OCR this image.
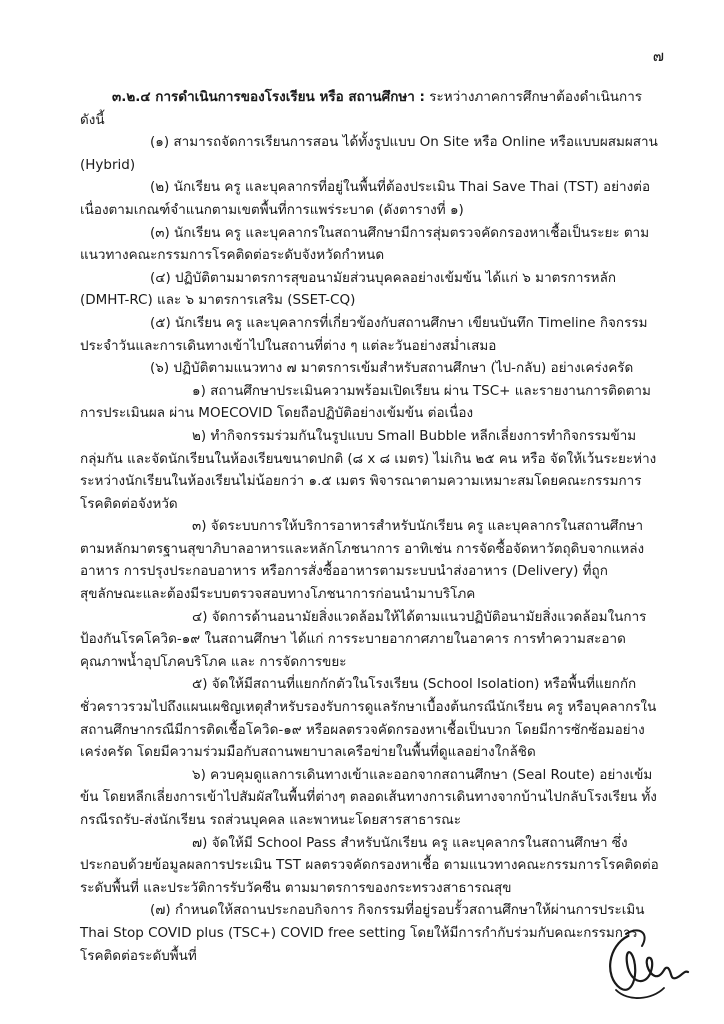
๗

๓.๒.๔ การดำเนินการของโรงเรียน หรือ สถานศึกษา : ระหว่างภาคการศึกษาต้องดำเนินการดังนี้

(๑) สามารถจัดการเรียนการสอน ได้ทั้งรูปแบบ On Site หรือ Online หรือแบบผสมผสาน (Hybrid)

(๒) นักเรียน ครู และบุคลากรที่อยู่ในพื้นที่ต้องประเมิน Thai Save Thai (TST) อย่างต่อเนื่องตามเกณฑ์จำแนกตามเขตพื้นที่การแพร่ระบาด (ดังตารางที่ ๑)

(๓) นักเรียน ครู และบุคลากรในสถานศึกษามีการสุ่มตรวจคัดกรองหาเชื้อเป็นระยะ ตามแนวทางคณะกรรมการโรคติดต่อระดับจังหวัดกำหนด

(๔) ปฏิบัติตามมาตรการสุขอนามัยส่วนบุคคลอย่างเข้มข้น ได้แก่ ๖ มาตรการหลัก (DMHT-RC) และ ๖ มาตรการเสริม (SSET-CQ)

(๕) นักเรียน ครู และบุคลากรที่เกี่ยวข้องกับสถานศึกษา เขียนบันทึก Timeline กิจกรรมประจำวันและการเดินทางเข้าไปในสถานที่ต่าง ๆ แต่ละวันอย่างสม่ำเสมอ

(๖) ปฏิบัติตามแนวทาง ๗ มาตรการเข้มสำหรับสถานศึกษา (ไป-กลับ) อย่างเคร่งครัด

๑) สถานศึกษาประเมินความพร้อมเปิดเรียน ผ่าน TSC+ และรายงานการติดตามการประเมินผล ผ่าน MOECOVID โดยถือปฏิบัติอย่างเข้มข้น ต่อเนื่อง

๒) ทำกิจกรรมร่วมกันในรูปแบบ Small Bubble หลีกเลี่ยงการทำกิจกรรมข้ามกลุ่มกัน และจัดนักเรียนในห้องเรียนขนาดปกติ (๘ x ๘ เมตร) ไม่เกิน ๒๕ คน หรือ จัดให้เว้นระยะห่างระหว่างนักเรียนในห้องเรียนไม่น้อยกว่า ๑.๕ เมตร พิจารณาตามความเหมาะสมโดยคณะกรรมการโรคติดต่อจังหวัด

๓) จัดระบบการให้บริการอาหารสำหรับนักเรียน ครู และบุคลากรในสถานศึกษา ตามหลักมาตรฐานสุขาภิบาลอาหารและหลักโภชนาการ อาทิเช่น การจัดซื้อจัดหาวัตถุดิบจากแหล่งอาหาร การปรุงประกอบอาหาร หรือการสั่งซื้ออาหารตามระบบนำส่งอาหาร (Delivery) ที่ถูกสุขลักษณะและต้องมีระบบตรวจสอบทางโภชนาการก่อนนำมาบริโภค

๔) จัดการด้านอนามัยสิ่งแวดล้อมให้ได้ตามแนวปฏิบัติอนามัยสิ่งแวดล้อมในการป้องกันโรคโควิด-๑๙ ในสถานศึกษา ได้แก่ การระบายอากาศภายในอาคาร การทำความสะอาด คุณภาพน้ำอุปโภคบริโภค และ การจัดการขยะ

๕) จัดให้มีสถานที่แยกกักตัวในโรงเรียน (School Isolation) หรือพื้นที่แยกกักชั่วคราวรวมไปถึงแผนเผชิญเหตุสำหรับรองรับการดูแลรักษาเบื้องต้นกรณีนักเรียน ครู หรือบุคลากรในสถานศึกษากรณีมีการติดเชื้อโควิด-๑๙ หรือผลตรวจคัดกรองหาเชื้อเป็นบวก โดยมีการซักซ้อมอย่างเคร่งครัด โดยมีความร่วมมือกับสถานพยาบาลเครือข่ายในพื้นที่ดูแลอย่างใกล้ชิด

๖) ควบคุมดูแลการเดินทางเข้าและออกจากสถานศึกษา (Seal Route) อย่างเข้มข้น โดยหลีกเลี่ยงการเข้าไปสัมผัสในพื้นที่ต่างๆ ตลอดเส้นทางการเดินทางจากบ้านไปกลับโรงเรียน ทั้งกรณีรถรับ-ส่งนักเรียน รถส่วนบุคคล และพาหนะโดยสารสาธารณะ

๗) จัดให้มี School Pass สำหรับนักเรียน ครู และบุคลากรในสถานศึกษา ซึ่งประกอบด้วยข้อมูลผลการประเมิน TST ผลตรวจคัดกรองหาเชื้อ ตามแนวทางคณะกรรมการโรคติดต่อระดับพื้นที่ และประวัติการรับวัคซีน ตามมาตรการของกระทรวงสาธารณสุข

(๗) กำหนดให้สถานประกอบกิจการ กิจกรรมที่อยู่รอบรั้วสถานศึกษาให้ผ่านการประเมิน Thai Stop COVID plus (TSC+) COVID free setting โดยให้มีการกำกับร่วมกับคณะกรรมการโรคติดต่อระดับพื้นที่
